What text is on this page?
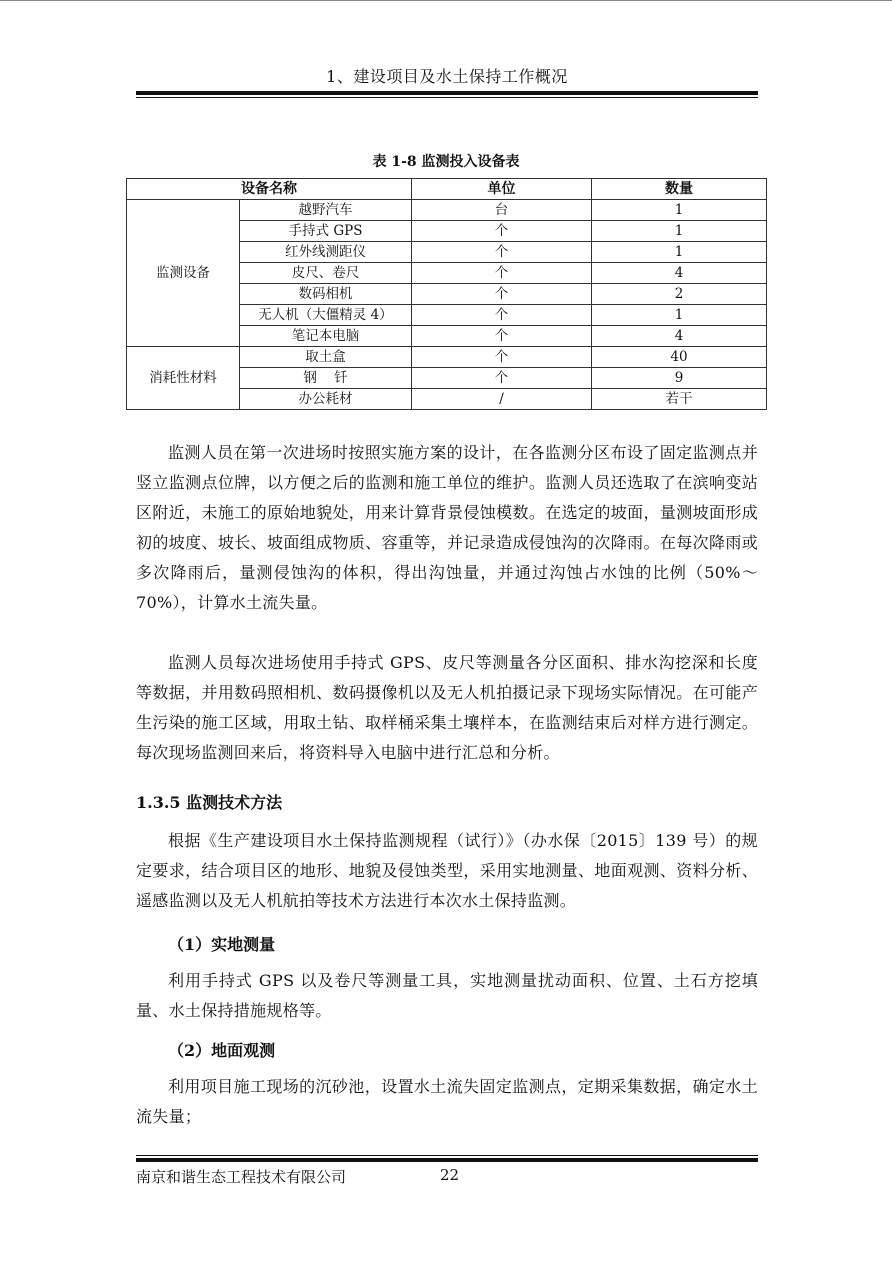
1、建设项目及水土保持工作概况
表 1-8 监测投入设备表
设备名称		单位	数量
监测设备	越野汽车	台	1
	手持式 GPS	个	1
	红外线测距仪	个	1
	皮尺、卷尺	个	4
	数码相机	个	2
	无人机（大僵精灵 4）	个	1
	笔记本电脑	个	4
消耗性材料	取土盒	个	40
	钢    钎	个	9
	办公耗材	/	若干
监测人员在第一次进场时按照实施方案的设计，在各监测分区布设了固定监测点并竖立监测点位牌，以方便之后的监测和施工单位的维护。监测人员还选取了在滨响变站区附近，未施工的原始地貌处，用来计算背景侵蚀模数。在选定的坡面，量测坡面形成初的坡度、坡长、坡面组成物质、容重等，并记录造成侵蚀沟的次降雨。在每次降雨或多次降雨后，量测侵蚀沟的体积，得出沟蚀量，并通过沟蚀占水蚀的比例（50%～70%），计算水土流失量。
监测人员每次进场使用手持式 GPS、皮尺等测量各分区面积、排水沟挖深和长度等数据，并用数码照相机、数码摄像机以及无人机拍摄记录下现场实际情况。在可能产生污染的施工区域，用取土钻、取样桶采集土壤样本，在监测结束后对样方进行测定。每次现场监测回来后，将资料导入电脑中进行汇总和分析。
1.3.5 监测技术方法
根据《生产建设项目水土保持监测规程（试行）》（办水保〔2015〕139 号）的规定要求，结合项目区的地形、地貌及侵蚀类型，采用实地测量、地面观测、资料分析、遥感监测以及无人机航拍等技术方法进行本次水土保持监测。
（1）实地测量
利用手持式 GPS 以及卷尺等测量工具，实地测量扰动面积、位置、土石方挖填量、水土保持措施规格等。
（2）地面观测
利用项目施工现场的沉砂池，设置水土流失固定监测点，定期采集数据，确定水土流失量；
南京和谐生态工程技术有限公司	22
